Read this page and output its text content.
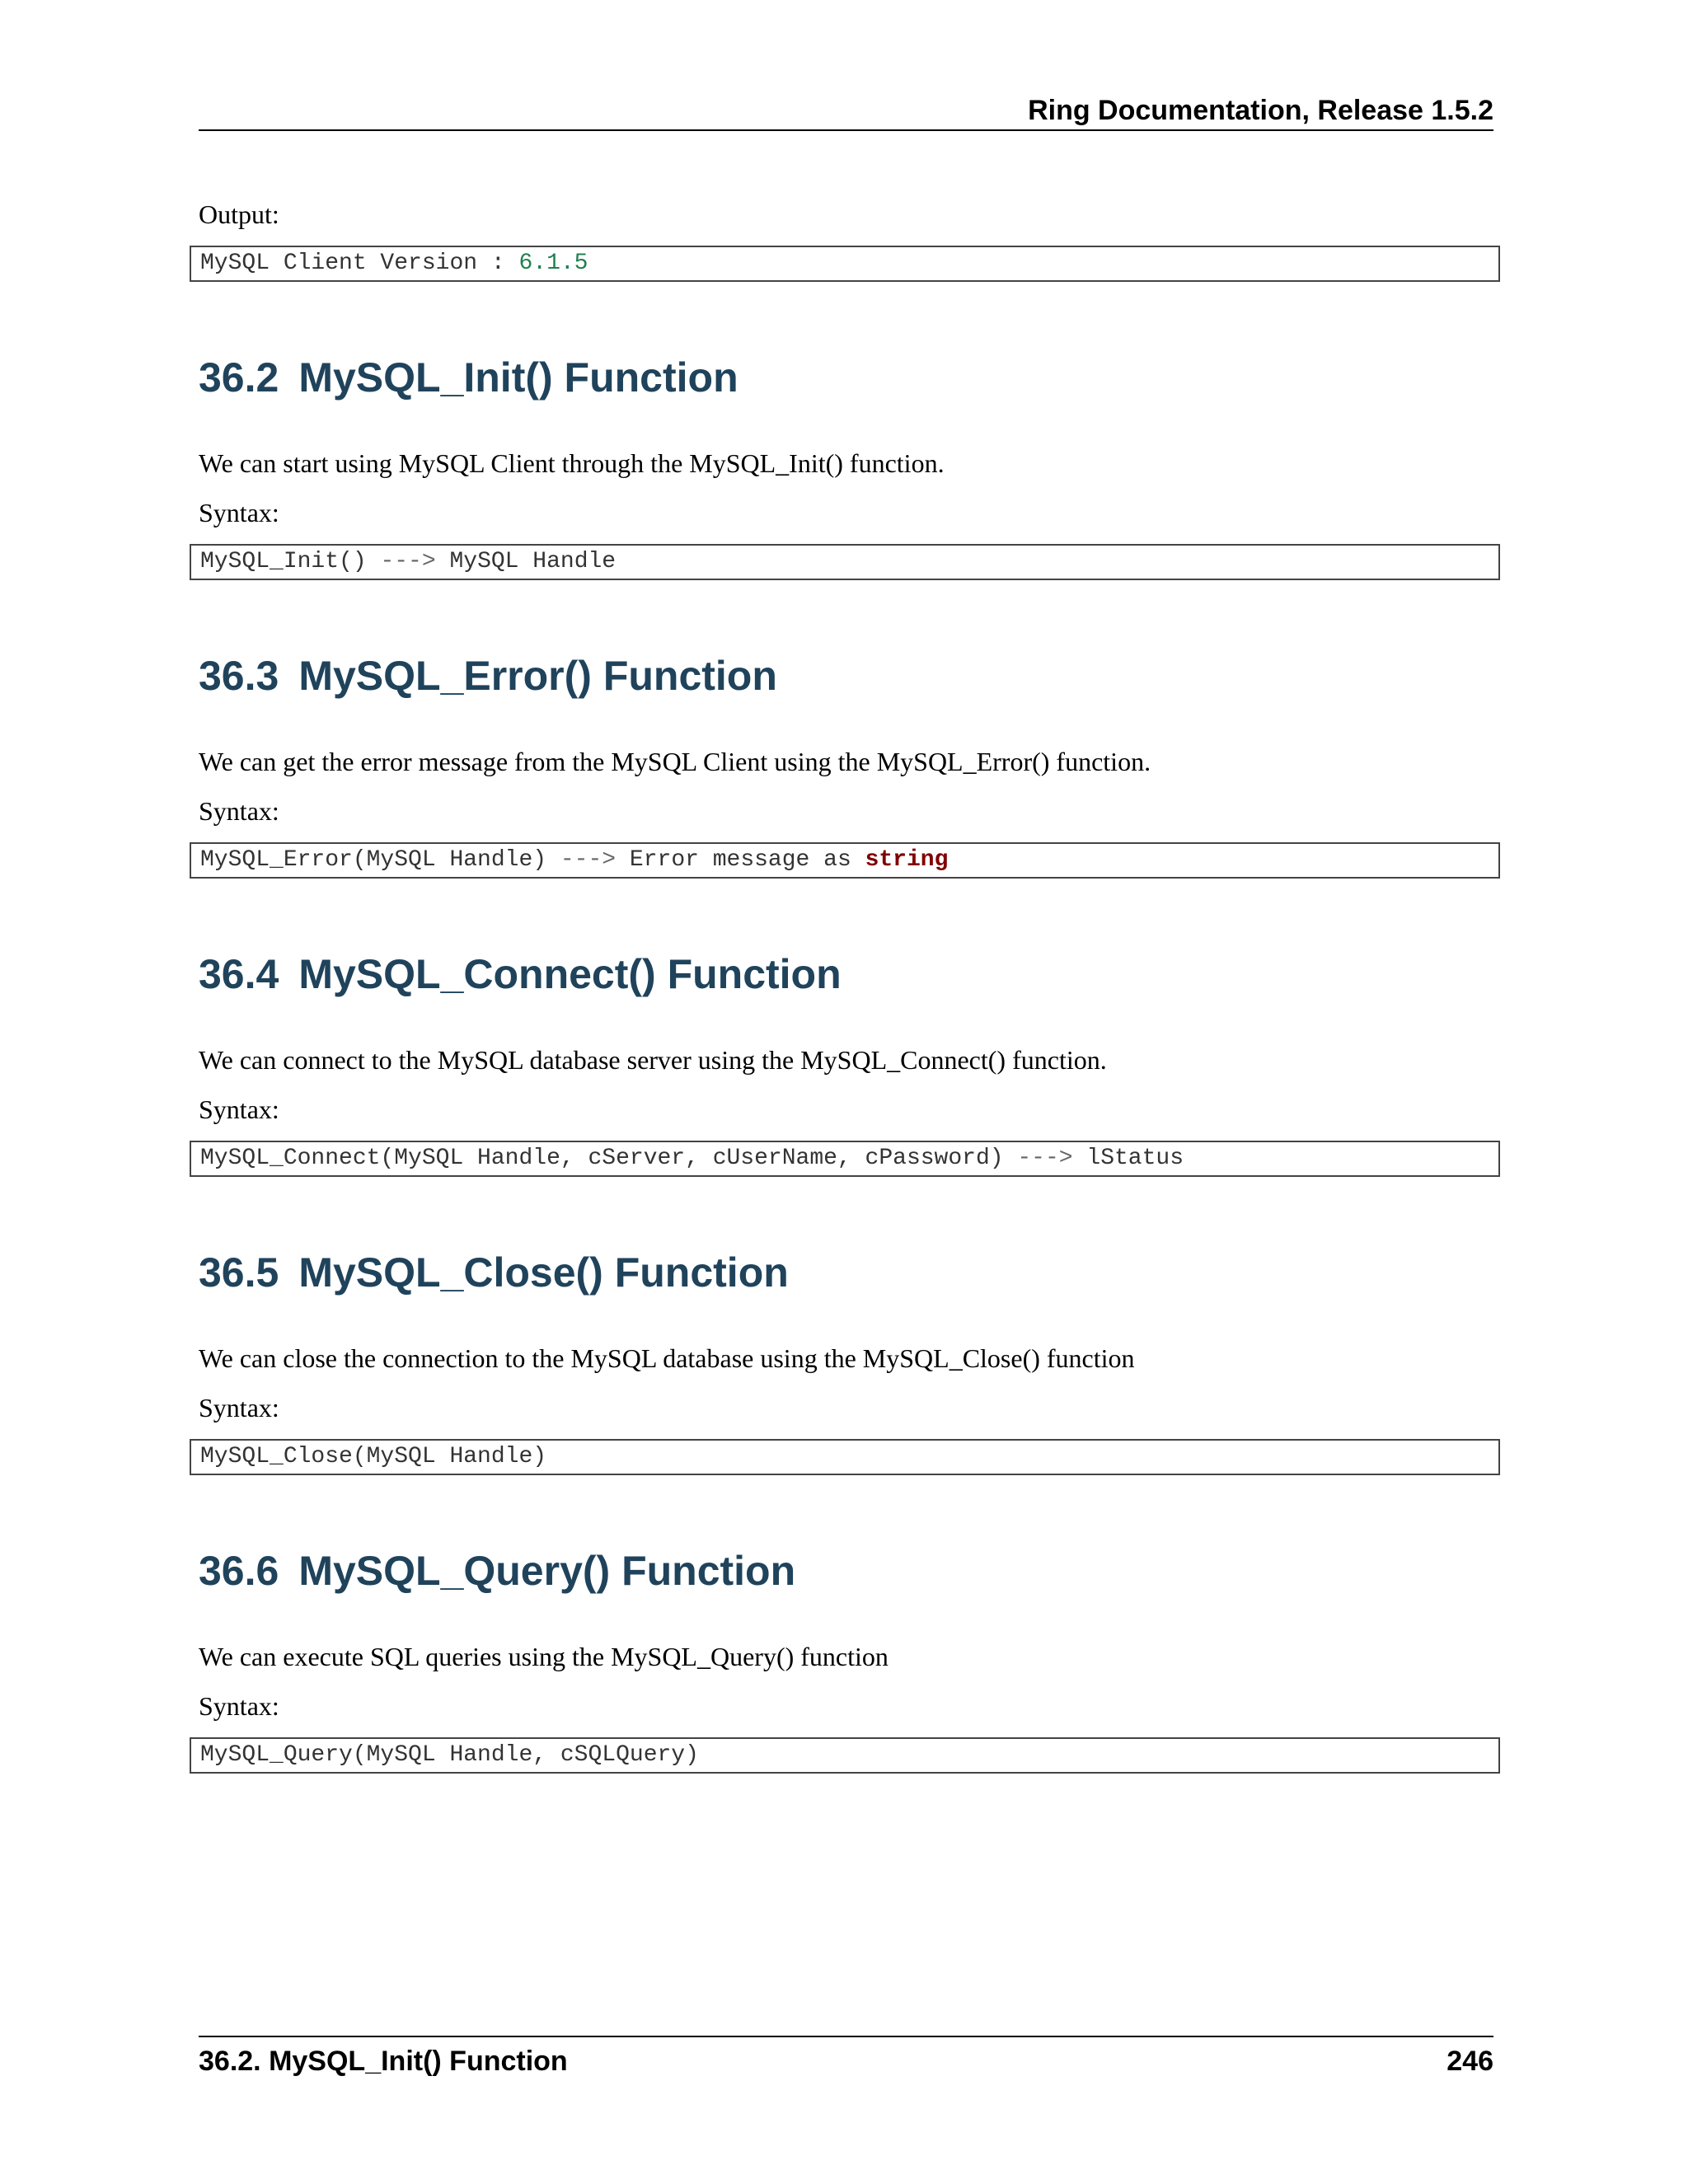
Ring Documentation, Release 1.5.2

Output:

MySQL Client Version : 6.1.5
36.2 MySQL_Init() Function

We can start using MySQL Client through the MySQL_Init() function.

Syntax:

MySQL_Init() ---> MySQL Handle
36.3 MySQL_Error() Function

We can get the error message from the MySQL Client using the MySQL_Error() function.

Syntax:

MySQL_Error(MySQL Handle) ---> Error message as string
36.4 MySQL_Connect() Function

We can connect to the MySQL database server using the MySQL_Connect() function.

Syntax:

MySQL_Connect(MySQL Handle, cServer, cUserName, cPassword) ---> lStatus
36.5 MySQL_Close() Function

We can close the connection to the MySQL database using the MySQL_Close() function

Syntax:

MySQL_Close(MySQL Handle)
36.6 MySQL_Query() Function

We can execute SQL queries using the MySQL_Query() function

Syntax:

MySQL_Query(MySQL Handle, cSQLQuery)
36.2. MySQL_Init() Function	246
